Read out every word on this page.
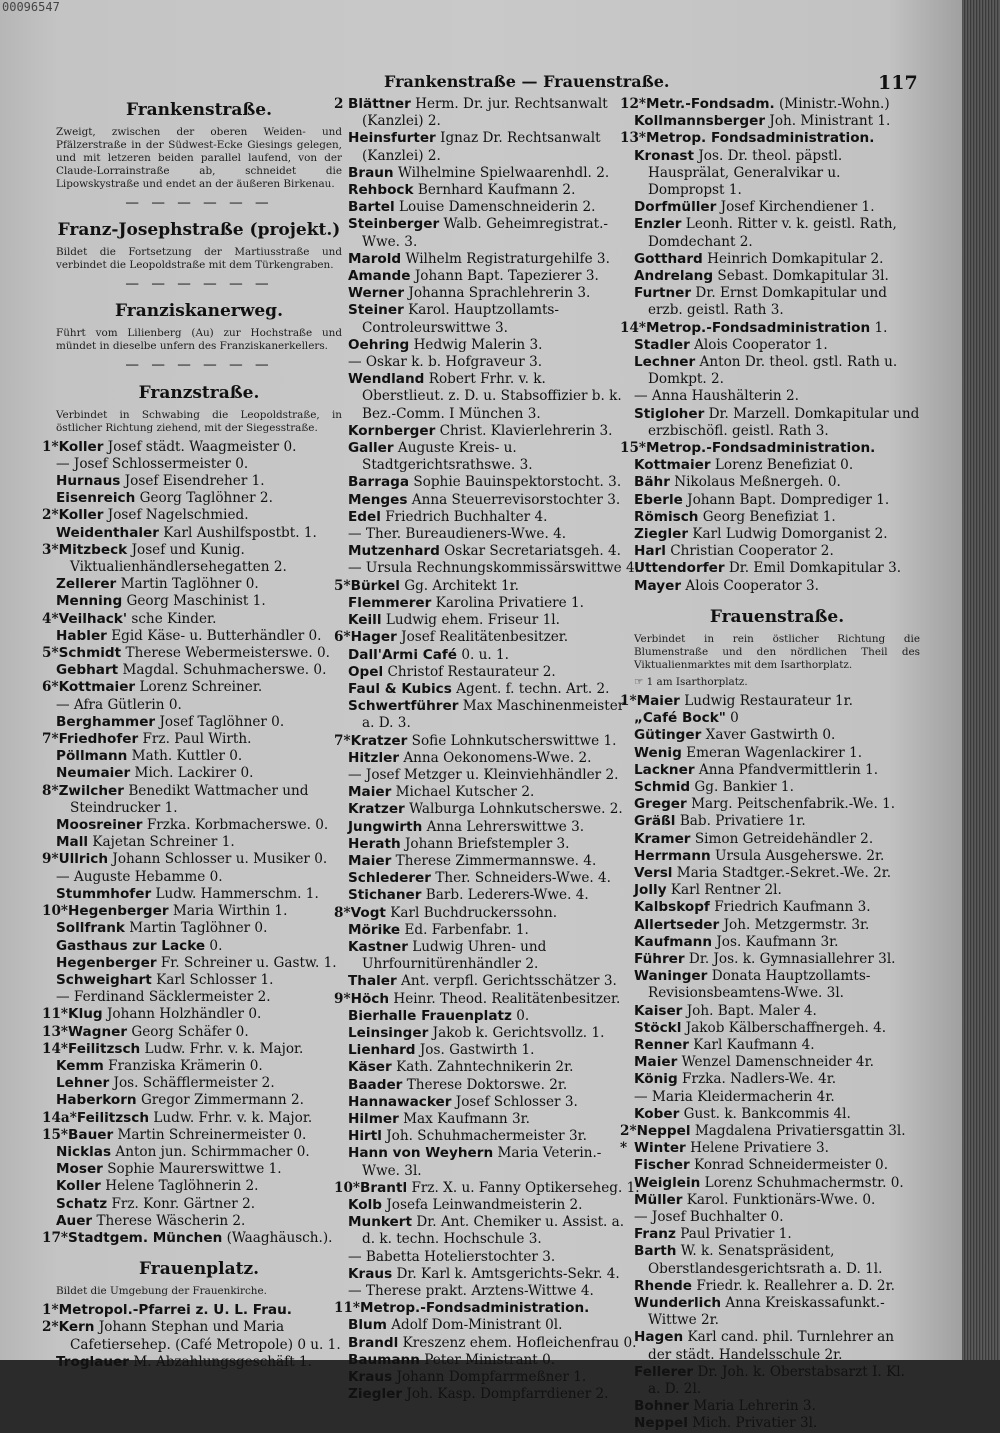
00096547
Frankenstraße — Frauenstraße.	117
Frankenstraße.
Zweigt, zwischen der oberen Weiden- und Pfälzerstraße in der Südwest-Ecke Giesings gelegen, und mit letzeren beiden parallel laufend, von der Claude-Lorrainstraße ab, schneidet die Lipowskystraße und endet an der äußeren Birkenau.
— — — — — —
Franz-Josephstraße (projekt.)
Bildet die Fortsetzung der Martiusstraße und verbindet die Leopoldstraße mit dem Türkengraben.
— — — — — —
Franziskanerweg.
Führt vom Lilienberg (Au) zur Hochstraße und mündet in dieselbe unfern des Franziskanerkellers.
— — — — — —
Franzstraße.
Verbindet in Schwabing die Leopoldstraße, in östlicher Richtung ziehend, mit der Siegesstraße.
1*Koller Josef städt. Waagmeister 0.
— Josef Schlossermeister 0.
Hurnaus Josef Eisendreher 1.
Eisenreich Georg Taglöhner 2.
2*Koller Josef Nagelschmied.
Weidenthaler Karl Aushilfspostbt. 1.
3*Mitzbeck Josef und Kunig. Viktualienhändlersehegatten 2.
Zellerer Martin Taglöhner 0.
Menning Georg Maschinist 1.
4*Veilhack' sche Kinder.
Habler Egid Käse- u. Butterhändler 0.
5*Schmidt Therese Webermeisterswe. 0.
Gebhart Magdal. Schuhmacherswe. 0.
6*Kottmaier Lorenz Schreiner.
— Afra Gütlerin 0.
Berghammer Josef Taglöhner 0.
7*Friedhofer Frz. Paul Wirth.
Pöllmann Math. Kuttler 0.
Neumaier Mich. Lackirer 0.
8*Zwilcher Benedikt Wattmacher und Steindrucker 1.
Moosreiner Frzka. Korbmacherswe. 0.
Mall Kajetan Schreiner 1.
9*Ullrich Johann Schlosser u. Musiker 0.
— Auguste Hebamme 0.
Stummhofer Ludw. Hammerschm. 1.
10*Hegenberger Maria Wirthin 1.
Sollfrank Martin Taglöhner 0.
Gasthaus zur Lacke 0.
Hegenberger Fr. Schreiner u. Gastw. 1.
Schweighart Karl Schlosser 1.
— Ferdinand Säcklermeister 2.
11*Klug Johann Holzhändler 0.
13*Wagner Georg Schäfer 0.
14*Feilitzsch Ludw. Frhr. v. k. Major.
Kemm Franziska Krämerin 0.
Lehner Jos. Schäfflermeister 2.
Haberkorn Gregor Zimmermann 2.
14a*Feilitzsch Ludw. Frhr. v. k. Major.
15*Bauer Martin Schreinermeister 0.
Nicklas Anton jun. Schirmmacher 0.
Moser Sophie Maurerswittwe 1.
Koller Helene Taglöhnerin 2.
Schatz Frz. Konr. Gärtner 2.
Auer Therese Wäscherin 2.
17*Stadtgem. München (Waaghäusch.).
Frauenplatz.
Bildet die Umgebung der Frauenkirche.
1*Metropol.-Pfarrei z. U. L. Frau.
2*Kern Johann Stephan und Maria Cafetiersehep. (Café Metropole) 0 u. 1.
Troglauer M. Abzahlungsgeschäft 1.
2 Blättner Herm. Dr. jur. Rechtsanwalt (Kanzlei) 2.
Heinsfurter Ignaz Dr. Rechtsanwalt (Kanzlei) 2.
Braun Wilhelmine Spielwaarenhdl. 2.
Rehbock Bernhard Kaufmann 2.
Bartel Louise Damenschneiderin 2.
Steinberger Walb. Geheimregistrat.-Wwe. 3.
Marold Wilhelm Registraturgehilfe 3.
Amande Johann Bapt. Tapezierer 3.
Werner Johanna Sprachlehrerin 3.
Steiner Karol. Hauptzollamts-Controleurswittwe 3.
Oehring Hedwig Malerin 3.
— Oskar k. b. Hofgraveur 3.
Wendland Robert Frhr. v. k. Oberstlieut. z. D. u. Stabsoffizier b. k. Bez.-Comm. I München 3.
Kornberger Christ. Klavierlehrerin 3.
Galler Auguste Kreis- u. Stadtgerichtsrathswe. 3.
Barraga Sophie Bauinspektorstocht. 3.
Menges Anna Steuerrevisorstochter 3.
Edel Friedrich Buchhalter 4.
— Ther. Bureaudieners-Wwe. 4.
Mutzenhard Oskar Secretariatsgeh. 4.
— Ursula Rechnungskommissärswittwe 4.
5*Bürkel Gg. Architekt 1r.
Flemmerer Karolina Privatiere 1.
Keill Ludwig ehem. Friseur 1l.
6*Hager Josef Realitätenbesitzer.
Dall'Armi Café 0. u. 1.
Opel Christof Restaurateur 2.
Faul & Kubics Agent. f. techn. Art. 2.
Schwertführer Max Maschinenmeister a. D. 3.
7*Kratzer Sofie Lohnkutscherswittwe 1.
Hitzler Anna Oekonomens-Wwe. 2.
— Josef Metzger u. Kleinviehhändler 2.
Maier Michael Kutscher 2.
Kratzer Walburga Lohnkutscherswe. 2.
Jungwirth Anna Lehrerswittwe 3.
Herath Johann Briefstempler 3.
Maier Therese Zimmermannswe. 4.
Schlederer Ther. Schneiders-Wwe. 4.
Stichaner Barb. Lederers-Wwe. 4.
8*Vogt Karl Buchdruckerssohn.
Mörike Ed. Farbenfabr. 1.
Kastner Ludwig Uhren- und Uhrfournitürenhändler 2.
Thaler Ant. verpfl. Gerichtsschätzer 3.
9*Höch Heinr. Theod. Realitätenbesitzer.
Bierhalle Frauenplatz 0.
Leinsinger Jakob k. Gerichtsvollz. 1.
Lienhard Jos. Gastwirth 1.
Käser Kath. Zahntechnikerin 2r.
Baader Therese Doktorswe. 2r.
Hannawacker Josef Schlosser 3.
Hilmer Max Kaufmann 3r.
Hirtl Joh. Schuhmachermeister 3r.
Hann von Weyhern Maria Veterin.-Wwe. 3l.
10*Brantl Frz. X. u. Fanny Optikerseheg. 1.
Kolb Josefa Leinwandmeisterin 2.
Munkert Dr. Ant. Chemiker u. Assist. a. d. k. techn. Hochschule 3.
— Babetta Hotelierstochter 3.
Kraus Dr. Karl k. Amtsgerichts-Sekr. 4.
— Therese prakt. Arztens-Wittwe 4.
11*Metrop.-Fondsadministration.
Blum Adolf Dom-Ministrant 0l.
Brandl Kreszenz ehem. Hofleichenfrau 0.
Baumann Peter Ministrant 0.
Kraus Johann Dompfarrmeßner 1.
Ziegler Joh. Kasp. Dompfarrdiener 2.
12*Metr.-Fondsadm. (Ministr.-Wohn.)
Kollmannsberger Joh. Ministrant 1.
13*Metrop. Fondsadministration.
Kronast Jos. Dr. theol. päpstl. Hausprälat, Generalvikar u. Dompropst 1.
Dorfmüller Josef Kirchendiener 1.
Enzler Leonh. Ritter v. k. geistl. Rath, Domdechant 2.
Gotthard Heinrich Domkapitular 2.
Andrelang Sebast. Domkapitular 3l.
Furtner Dr. Ernst Domkapitular und erzb. geistl. Rath 3.
14*Metrop.-Fondsadministration 1.
Stadler Alois Cooperator 1.
Lechner Anton Dr. theol. gstl. Rath u. Domkpt. 2.
— Anna Haushälterin 2.
Stigloher Dr. Marzell. Domkapitular und erzbischöfl. geistl. Rath 3.
15*Metrop.-Fondsadministration.
Kottmaier Lorenz Benefiziat 0.
Bähr Nikolaus Meßnergeh. 0.
Eberle Johann Bapt. Domprediger 1.
Römisch Georg Benefiziat 1.
Ziegler Karl Ludwig Domorganist 2.
Harl Christian Cooperator 2.
Uttendorfer Dr. Emil Domkapitular 3.
Mayer Alois Cooperator 3.
Frauenstraße.
Verbindet in rein östlicher Richtung die Blumenstraße und den nördlichen Theil des Viktualienmarktes mit dem Isarthorplatz.
☞ 1 am Isarthorplatz.
1*Maier Ludwig Restaurateur 1r.
„Café Bock" 0
Gütinger Xaver Gastwirth 0.
Wenig Emeran Wagenlackirer 1.
Lackner Anna Pfandvermittlerin 1.
Schmid Gg. Bankier 1.
Greger Marg. Peitschenfabrik.-We. 1.
Gräßl Bab. Privatiere 1r.
Kramer Simon Getreidehändler 2.
Herrmann Ursula Ausgeherswe. 2r.
Versl Maria Stadtger.-Sekret.-We. 2r.
Jolly Karl Rentner 2l.
Kalbskopf Friedrich Kaufmann 3.
Allertseder Joh. Metzgermstr. 3r.
Kaufmann Jos. Kaufmann 3r.
Führer Dr. Jos. k. Gymnasiallehrer 3l.
Waninger Donata Hauptzollamts-Revisionsbeamtens-Wwe. 3l.
Kaiser Joh. Bapt. Maler 4.
Stöckl Jakob Kälberschaffnergeh. 4.
Renner Karl Kaufmann 4.
Maier Wenzel Damenschneider 4r.
König Frzka. Nadlers-We. 4r.
— Maria Kleidermacherin 4r.
Kober Gust. k. Bankcommis 4l.
2*Neppel Magdalena Privatiersgattin 3l.
* Winter Helene Privatiere 3.
Fischer Konrad Schneidermeister 0.
Weiglein Lorenz Schuhmachermstr. 0.
Müller Karol. Funktionärs-Wwe. 0.
— Josef Buchhalter 0.
Franz Paul Privatier 1.
Barth W. k. Senatspräsident, Oberstlandesgerichtsrath a. D. 1l.
Rhende Friedr. k. Reallehrer a. D. 2r.
Wunderlich Anna Kreiskassafunkt.-Wittwe 2r.
Hagen Karl cand. phil. Turnlehrer an der städt. Handelsschule 2r.
Fellerer Dr. Joh. k. Oberstabsarzt I. Kl. a. D. 2l.
Bohner Maria Lehrerin 3.
Neppel Mich. Privatier 3l.
